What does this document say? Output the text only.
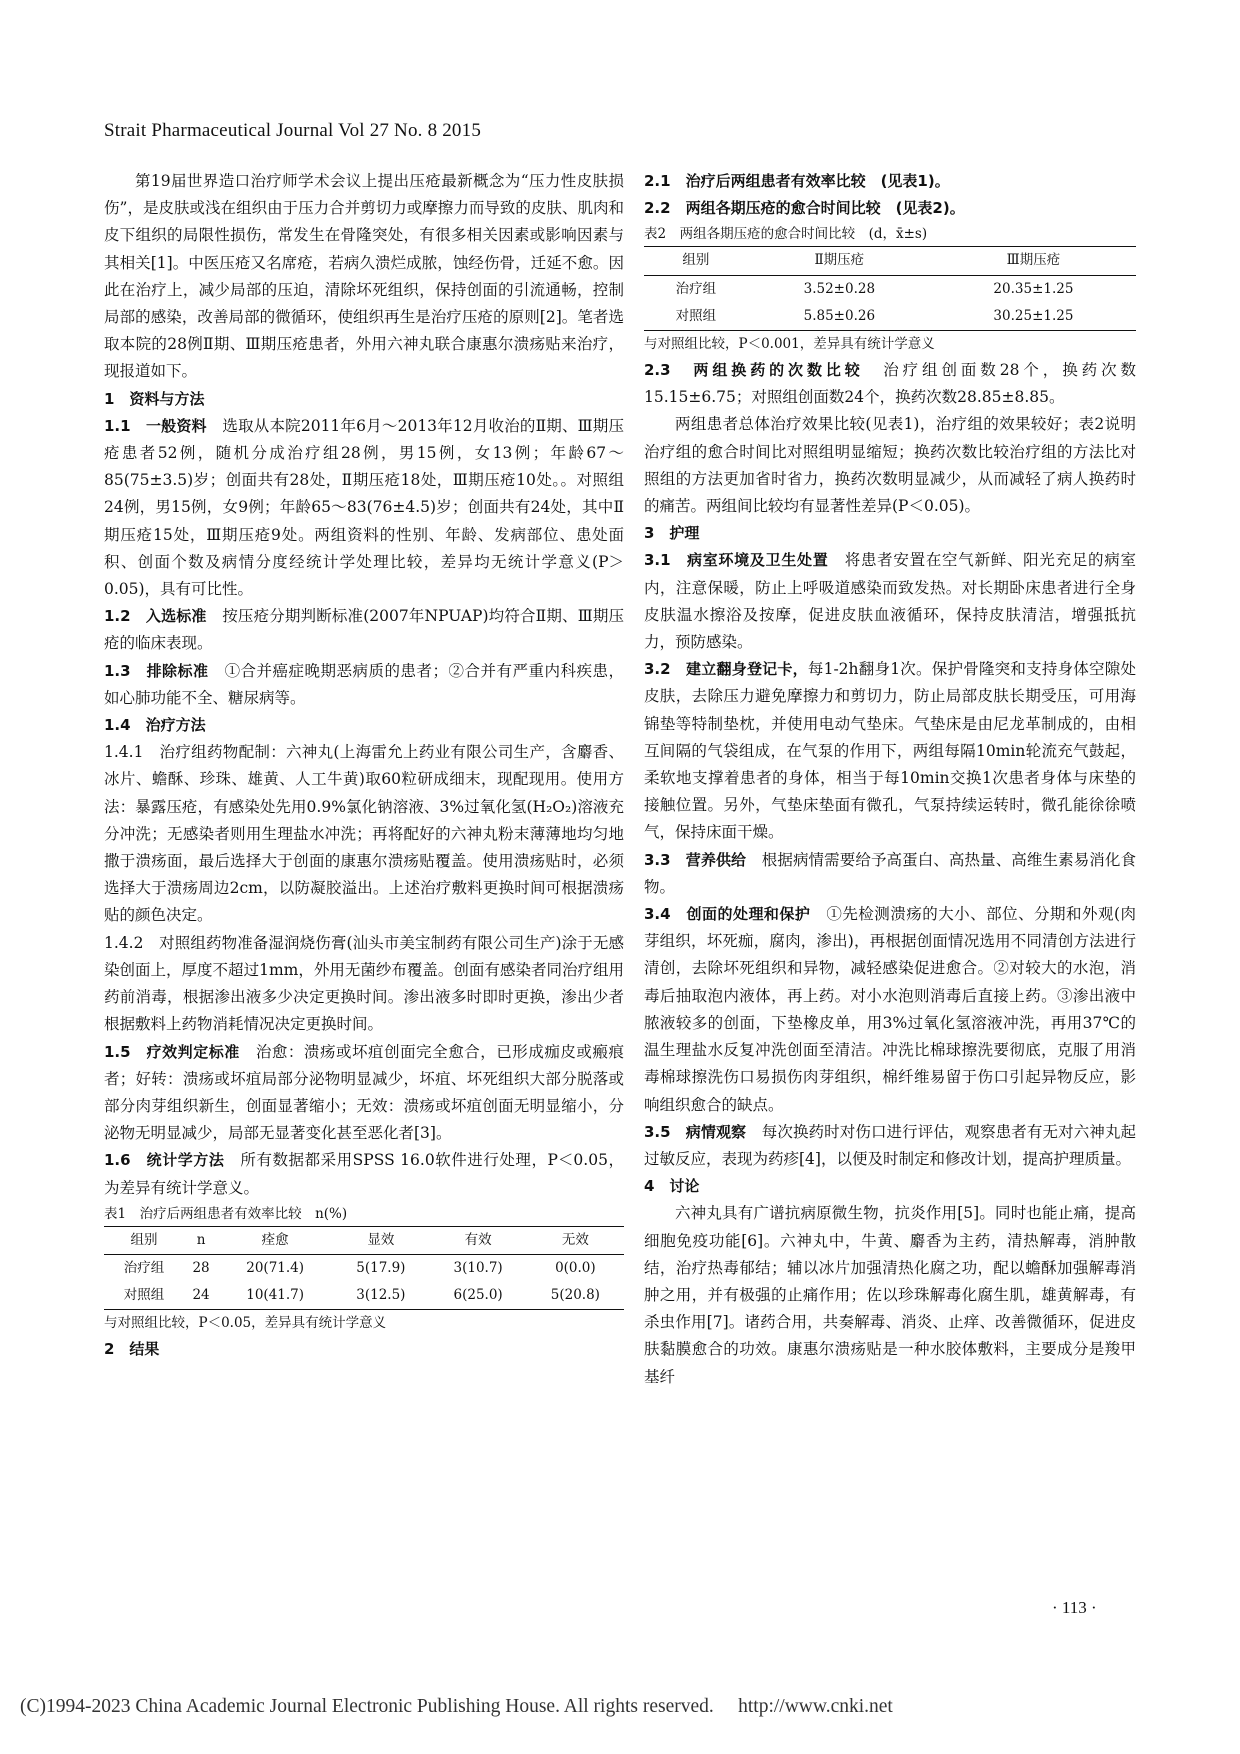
Strait Pharmaceutical Journal Vol 27 No. 8 2015

第19届世界造口治疗师学术会议上提出压疮最新概念为“压力性皮肤损伤”，是皮肤或浅在组织由于压力合并剪切力或摩擦力而导致的皮肤、肌肉和皮下组织的局限性损伤，常发生在骨隆突处，有很多相关因素或影响因素与其相关[1]。中医压疮又名席疮，若病久溃烂成脓，蚀经伤骨，迁延不愈。因此在治疗上，减少局部的压迫，清除坏死组织，保持创面的引流通畅，控制局部的感染，改善局部的微循环，使组织再生是治疗压疮的原则[2]。笔者选取本院的28例Ⅱ期、Ⅲ期压疮患者，外用六神丸联合康惠尔溃疡贴来治疗，现报道如下。

1　资料与方法

1.1　一般资料　 选取从本院2011年6月～2013年12月收治的Ⅱ期、Ⅲ期压疮患者52例，随机分成治疗组28例，男15例，女13例；年龄67～85(75±3.5)岁；创面共有28处，Ⅱ期压疮18处，Ⅲ期压疮10处。。对照组24例，男15例，女9例；年龄65～83(76±4.5)岁；创面共有24处，其中Ⅱ期压疮15处，Ⅲ期压疮9处。两组资料的性别、年龄、发病部位、患处面积、创面个数及病情分度经统计学处理比较，差异均无统计学意义(P＞0.05)，具有可比性。

1.2　入选标准　 按压疮分期判断标准(2007年NPUAP)均符合Ⅱ期、Ⅲ期压疮的临床表现。

1.3　排除标准　 ①合并癌症晚期恶病质的患者；②合并有严重内科疾患，如心肺功能不全、糖尿病等。

1.4　治疗方法

1.4.1　治疗组药物配制：六神丸(上海雷允上药业有限公司生产，含麝香、冰片、蟾酥、珍珠、雄黄、人工牛黄)取60粒研成细末，现配现用。使用方法：暴露压疮，有感染处先用0.9%氯化钠溶液、3%过氧化氢(H₂O₂)溶液充分冲洗；无感染者则用生理盐水冲洗；再将配好的六神丸粉末薄薄地均匀地撒于溃疡面，最后选择大于创面的康惠尔溃疡贴覆盖。使用溃疡贴时，必须选择大于溃疡周边2cm，以防凝胶溢出。上述治疗敷料更换时间可根据溃疡贴的颜色决定。

1.4.2　对照组药物准备湿润烧伤膏(汕头市美宝制药有限公司生产)涂于无感染创面上，厚度不超过1mm，外用无菌纱布覆盖。创面有感染者同治疗组用药前消毒，根据渗出液多少决定更换时间。渗出液多时即时更换，渗出少者根据敷料上药物消耗情况决定更换时间。

1.5　疗效判定标准　 治愈：溃疡或坏疽创面完全愈合，已形成痂皮或瘢痕者；好转：溃疡或坏疽局部分泌物明显减少，坏疽、坏死组织大部分脱落或部分肉芽组织新生，创面显著缩小；无效：溃疡或坏疽创面无明显缩小，分泌物无明显减少，局部无显著变化甚至恶化者[3]。

1.6　统计学方法　 所有数据都采用SPSS 16.0软件进行处理，P＜0.05，为差异有统计学意义。

表1　治疗后两组患者有效率比较　n(%)

组别	n	痊愈	显效	有效	无效
治疗组	28	20(71.4)	5(17.9)	3(10.7)	0(0.0)
对照组	24	10(41.7)	3(12.5)	6(25.0)	5(20.8)

与对照组比较，P＜0.05，差异具有统计学意义

2　结果

2.1　治疗后两组患者有效率比较　(见表1)。

2.2　两组各期压疮的愈合时间比较　(见表2)。

表2　两组各期压疮的愈合时间比较　(d，x̄±s)

组别	Ⅱ期压疮	Ⅲ期压疮
治疗组	3.52±0.28	20.35±1.25
对照组	5.85±0.26	30.25±1.25

与对照组比较，P＜0.001，差异具有统计学意义

2.3　两组换药的次数比较　 治疗组创面数28个，换药次数15.15±6.75；对照组创面数24个，换药次数28.85±8.85。

两组患者总体治疗效果比较(见表1)，治疗组的效果较好；表2说明治疗组的愈合时间比对照组明显缩短；换药次数比较治疗组的方法比对照组的方法更加省时省力，换药次数明显减少，从而减轻了病人换药时的痛苦。两组间比较均有显著性差异(P＜0.05)。

3　护理

3.1　病室环境及卫生处置　 将患者安置在空气新鲜、阳光充足的病室内，注意保暖，防止上呼吸道感染而致发热。对长期卧床患者进行全身皮肤温水擦浴及按摩，促进皮肤血液循环，保持皮肤清洁，增强抵抗力，预防感染。

3.2　建立翻身登记卡，每1-2h翻身1次。保护骨隆突和支持身体空隙处皮肤，去除压力避免摩擦力和剪切力，防止局部皮肤长期受压，可用海锦垫等特制垫枕，并使用电动气垫床。气垫床是由尼龙革制成的，由相互间隔的气袋组成，在气泵的作用下，两组每隔10min轮流充气鼓起，柔软地支撑着患者的身体，相当于每10min交换1次患者身体与床垫的接触位置。另外，气垫床垫面有微孔，气泵持续运转时，微孔能徐徐喷气，保持床面干燥。

3.3　营养供给　 根据病情需要给予高蛋白、高热量、高维生素易消化食物。

3.4　创面的处理和保护　 ①先检测溃疡的大小、部位、分期和外观(肉芽组织，坏死痂，腐肉，渗出)，再根据创面情况选用不同清创方法进行清创，去除坏死组织和异物，减轻感染促进愈合。②对较大的水泡，消毒后抽取泡内液体，再上药。对小水泡则消毒后直接上药。③渗出液中脓液较多的创面，下垫橡皮单，用3%过氧化氢溶液冲洗，再用37℃的温生理盐水反复冲洗创面至清洁。冲洗比棉球擦洗要彻底，克服了用消毒棉球擦洗伤口易损伤肉芽组织，棉纤维易留于伤口引起异物反应，影响组织愈合的缺点。

3.5　病情观察　 每次换药时对伤口进行评估，观察患者有无对六神丸起过敏反应，表现为药疹[4]，以便及时制定和修改计划，提高护理质量。

4　讨论

六神丸具有广谱抗病原微生物，抗炎作用[5]。同时也能止痛，提高细胞免疫功能[6]。六神丸中，牛黄、麝香为主药，清热解毒，消肿散结，治疗热毒郁结；辅以冰片加强清热化腐之功，配以蟾酥加强解毒消肿之用，并有极强的止痛作用；佐以珍珠解毒化腐生肌，雄黄解毒，有杀虫作用[7]。诸药合用，共奏解毒、消炎、止痒、改善微循环，促进皮肤黏膜愈合的功效。康惠尔溃疡贴是一种水胶体敷料，主要成分是羧甲基纤

· 113 ·
(C)1994-2023 China Academic Journal Electronic Publishing House. All rights reserved.　 http://www.cnki.net
